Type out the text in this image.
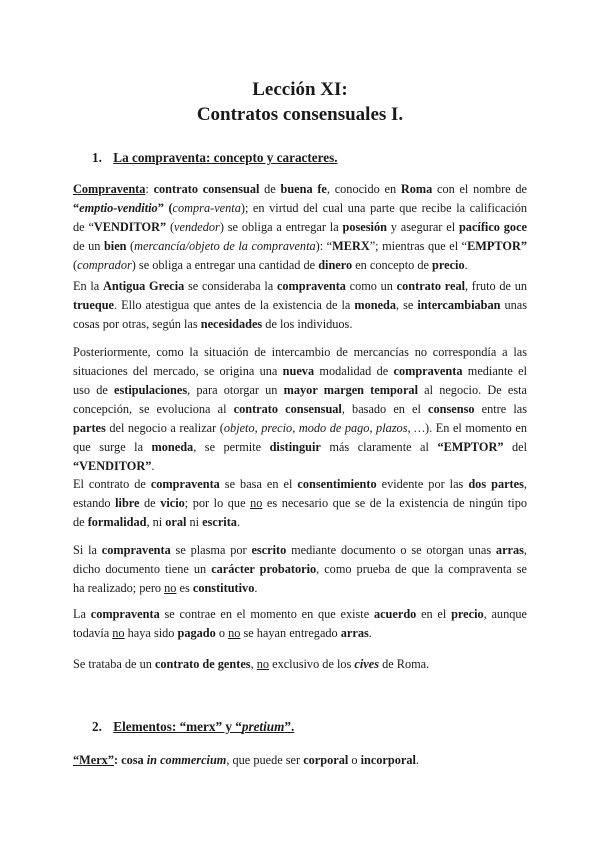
Lección XI:
Contratos consensuales I.
1. La compraventa: concepto y caracteres.
Compraventa: contrato consensual de buena fe, conocido en Roma con el nombre de
“emptio-venditio” (compra-venta); en virtud del cual una parte que recibe la calificación
de “VENDITOR” (vendedor) se obliga a entregar la posesión y asegurar el pacífico goce
de un bien (mercancía/objeto de la compraventa): “MERX”; mientras que el “EMPTOR”
(comprador) se obliga a entregar una cantidad de dinero en concepto de precio.
En la Antigua Grecia se consideraba la compraventa como un contrato real, fruto de un
trueque. Ello atestigua que antes de la existencia de la moneda, se intercambiaban unas
cosas por otras, según las necesidades de los individuos.
Posteriormente, como la situación de intercambio de mercancías no correspondía a las
situaciones del mercado, se origina una nueva modalidad de compraventa mediante el
uso de estipulaciones, para otorgar un mayor margen temporal al negocio. De esta
concepción, se evoluciona al contrato consensual, basado en el consenso entre las
partes del negocio a realizar (objeto, precio, modo de pago, plazos, …). En el momento en
que surge la moneda, se permite distinguir más claramente al “EMPTOR” del
“VENDITOR”.
El contrato de compraventa se basa en el consentimiento evidente por las dos partes,
estando libre de vicio; por lo que no es necesario que se de la existencia de ningún tipo
de formalidad, ni oral ni escrita.
Si la compraventa se plasma por escrito mediante documento o se otorgan unas arras,
dicho documento tiene un carácter probatorio, como prueba de que la compraventa se
ha realizado; pero no es constitutivo.
La compraventa se contrae en el momento en que existe acuerdo en el precio, aunque
todavía no haya sido pagado o no se hayan entregado arras.
Se trataba de un contrato de gentes, no exclusivo de los cives de Roma.
2. Elementos: “merx” y “pretium”.
“Merx”: cosa in commercium, que puede ser corporal o incorporal.
